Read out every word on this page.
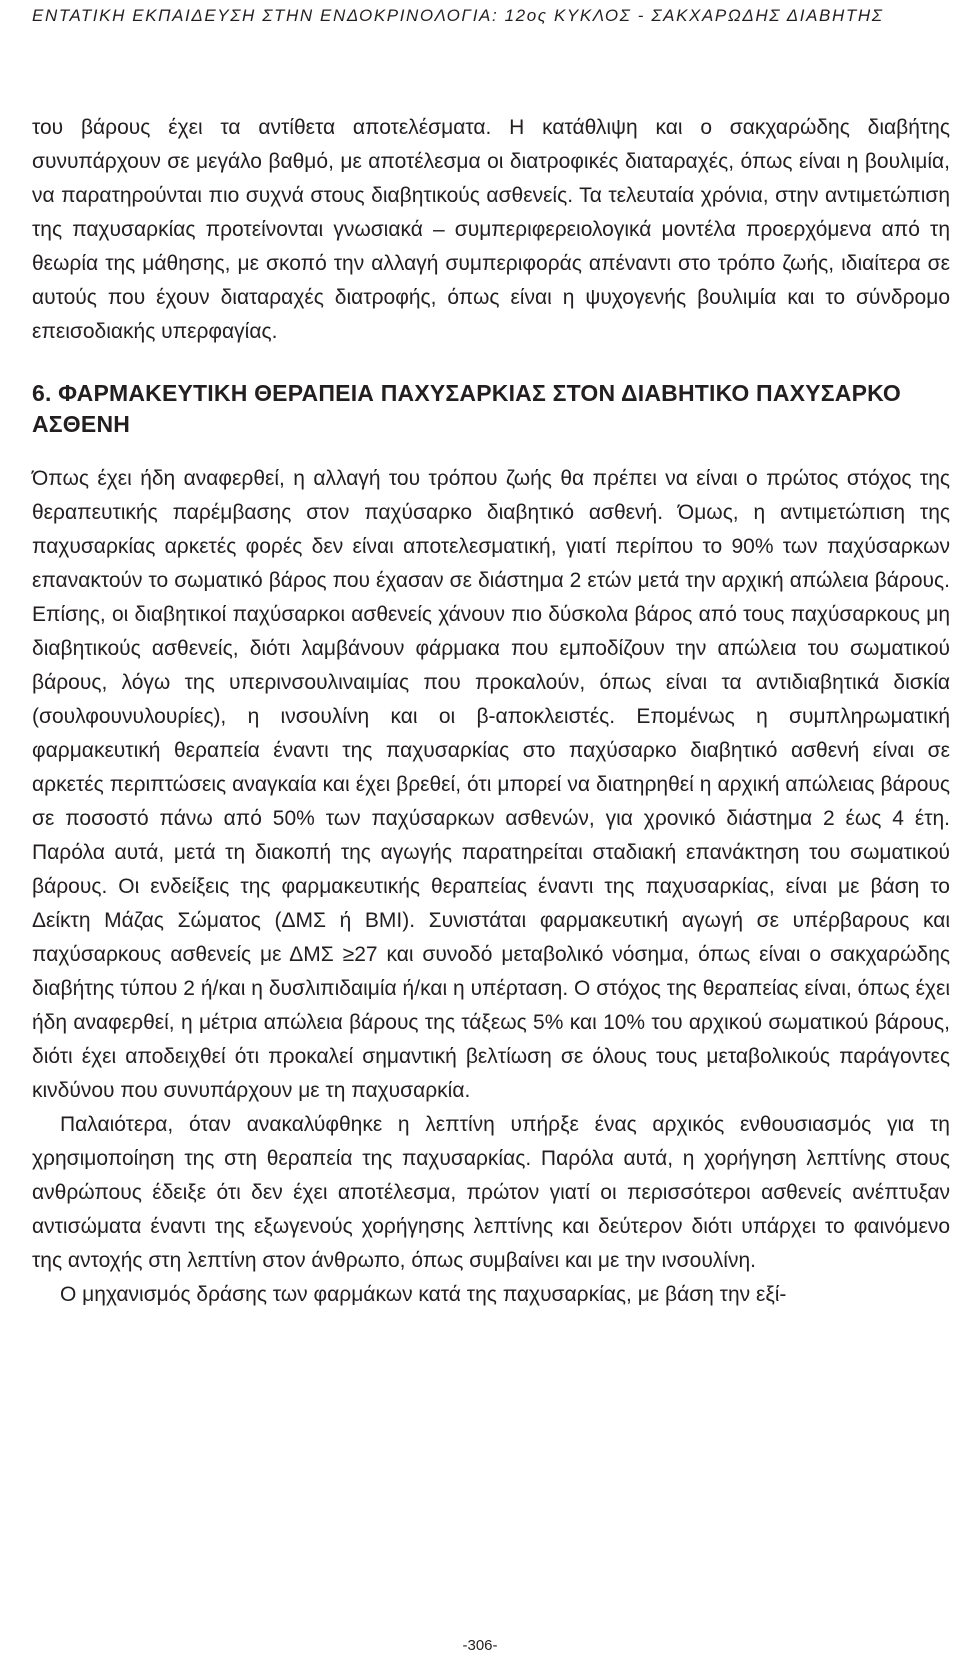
ΕΝΤΑΤΙΚΗ ΕΚΠΑΙΔΕΥΣΗ ΣΤΗΝ ΕΝΔΟΚΡΙΝΟΛΟΓΙΑ: 12ος ΚΥΚΛΟΣ - ΣΑΚΧΑΡΩΔΗΣ ΔΙΑΒΗΤΗΣ

του βάρους έχει τα αντίθετα αποτελέσματα. Η κατάθλιψη και ο σακχαρώδης διαβήτης συνυπάρχουν σε μεγάλο βαθμό, με αποτέλεσμα οι διατροφικές διαταραχές, όπως είναι η βουλιμία, να παρατηρούνται πιο συχνά στους διαβητικούς ασθενείς. Τα τελευταία χρόνια, στην αντιμετώπιση της παχυσαρκίας προτείνονται γνωσιακά – συμπεριφερειολογικά μοντέλα προερχόμενα από τη θεωρία της μάθησης, με σκοπό την αλλαγή συμπεριφοράς απέναντι στο τρόπο ζωής, ιδιαίτερα σε αυτούς που έχουν διαταραχές διατροφής, όπως είναι η ψυχογενής βουλιμία και το σύνδρομο επεισοδιακής υπερφαγίας.

6. ΦΑΡΜΑΚΕΥΤΙΚΗ ΘΕΡΑΠΕΙΑ ΠΑΧΥΣΑΡΚΙΑΣ ΣΤΟΝ ΔΙΑΒΗΤΙΚΟ ΠΑΧΥΣΑΡΚΟ ΑΣΘΕΝΗ

Όπως έχει ήδη αναφερθεί, η αλλαγή του τρόπου ζωής θα πρέπει να είναι ο πρώτος στόχος της θεραπευτικής παρέμβασης στον παχύσαρκο διαβητικό ασθενή. Όμως, η αντιμετώπιση της παχυσαρκίας αρκετές φορές δεν είναι αποτελεσματική, γιατί περίπου το 90% των παχύσαρκων επανακτούν το σωματικό βάρος που έχασαν σε διάστημα 2 ετών μετά την αρχική απώλεια βάρους. Επίσης, οι διαβητικοί παχύσαρκοι ασθενείς χάνουν πιο δύσκολα βάρος από τους παχύσαρκους μη διαβητικούς ασθενείς, διότι λαμβάνουν φάρμακα που εμποδίζουν την απώλεια του σωματικού βάρους, λόγω της υπερινσουλιναιμίας που προκαλούν, όπως είναι τα αντιδιαβητικά δισκία (σουλφουνυλουρίες), η ινσουλίνη και οι β-αποκλειστές. Επομένως η συμπληρωματική φαρμακευτική θεραπεία έναντι της παχυσαρκίας στο παχύσαρκο διαβητικό ασθενή είναι σε αρκετές περιπτώσεις αναγκαία και έχει βρεθεί, ότι μπορεί να διατηρηθεί η αρχική απώλειας βάρους σε ποσοστό πάνω από 50% των παχύσαρκων ασθενών, για χρονικό διάστημα 2 έως 4 έτη. Παρόλα αυτά, μετά τη διακοπή της αγωγής παρατηρείται σταδιακή επανάκτηση του σωματικού βάρους. Οι ενδείξεις της φαρμακευτικής θεραπείας έναντι της παχυσαρκίας, είναι με βάση το Δείκτη Μάζας Σώματος (ΔΜΣ ή BMI). Συνιστάται φαρμακευτική αγωγή σε υπέρβαρους και παχύσαρκους ασθενείς με ΔΜΣ ≥27 και συνοδό μεταβολικό νόσημα, όπως είναι ο σακχαρώδης διαβήτης τύπου 2 ή/και η δυσλιπιδαιμία ή/και η υπέρταση. Ο στόχος της θεραπείας είναι, όπως έχει ήδη αναφερθεί, η μέτρια απώλεια βάρους της τάξεως 5% και 10% του αρχικού σωματικού βάρους, διότι έχει αποδειχθεί ότι προκαλεί σημαντική βελτίωση σε όλους τους μεταβολικούς παράγοντες κινδύνου που συνυπάρχουν με τη παχυσαρκία.

Παλαιότερα, όταν ανακαλύφθηκε η λεπτίνη υπήρξε ένας αρχικός ενθουσιασμός για τη χρησιμοποίηση της στη θεραπεία της παχυσαρκίας. Παρόλα αυτά, η χορήγηση λεπτίνης στους ανθρώπους έδειξε ότι δεν έχει αποτέλεσμα, πρώτον γιατί οι περισσότεροι ασθενείς ανέπτυξαν αντισώματα έναντι της εξωγενούς χορήγησης λεπτίνης και δεύτερον διότι υπάρχει το φαινόμενο της αντοχής στη λεπτίνη στον άνθρωπο, όπως συμβαίνει και με την ινσουλίνη.

Ο μηχανισμός δράσης των φαρμάκων κατά της παχυσαρκίας, με βάση την εξί-

-306-
